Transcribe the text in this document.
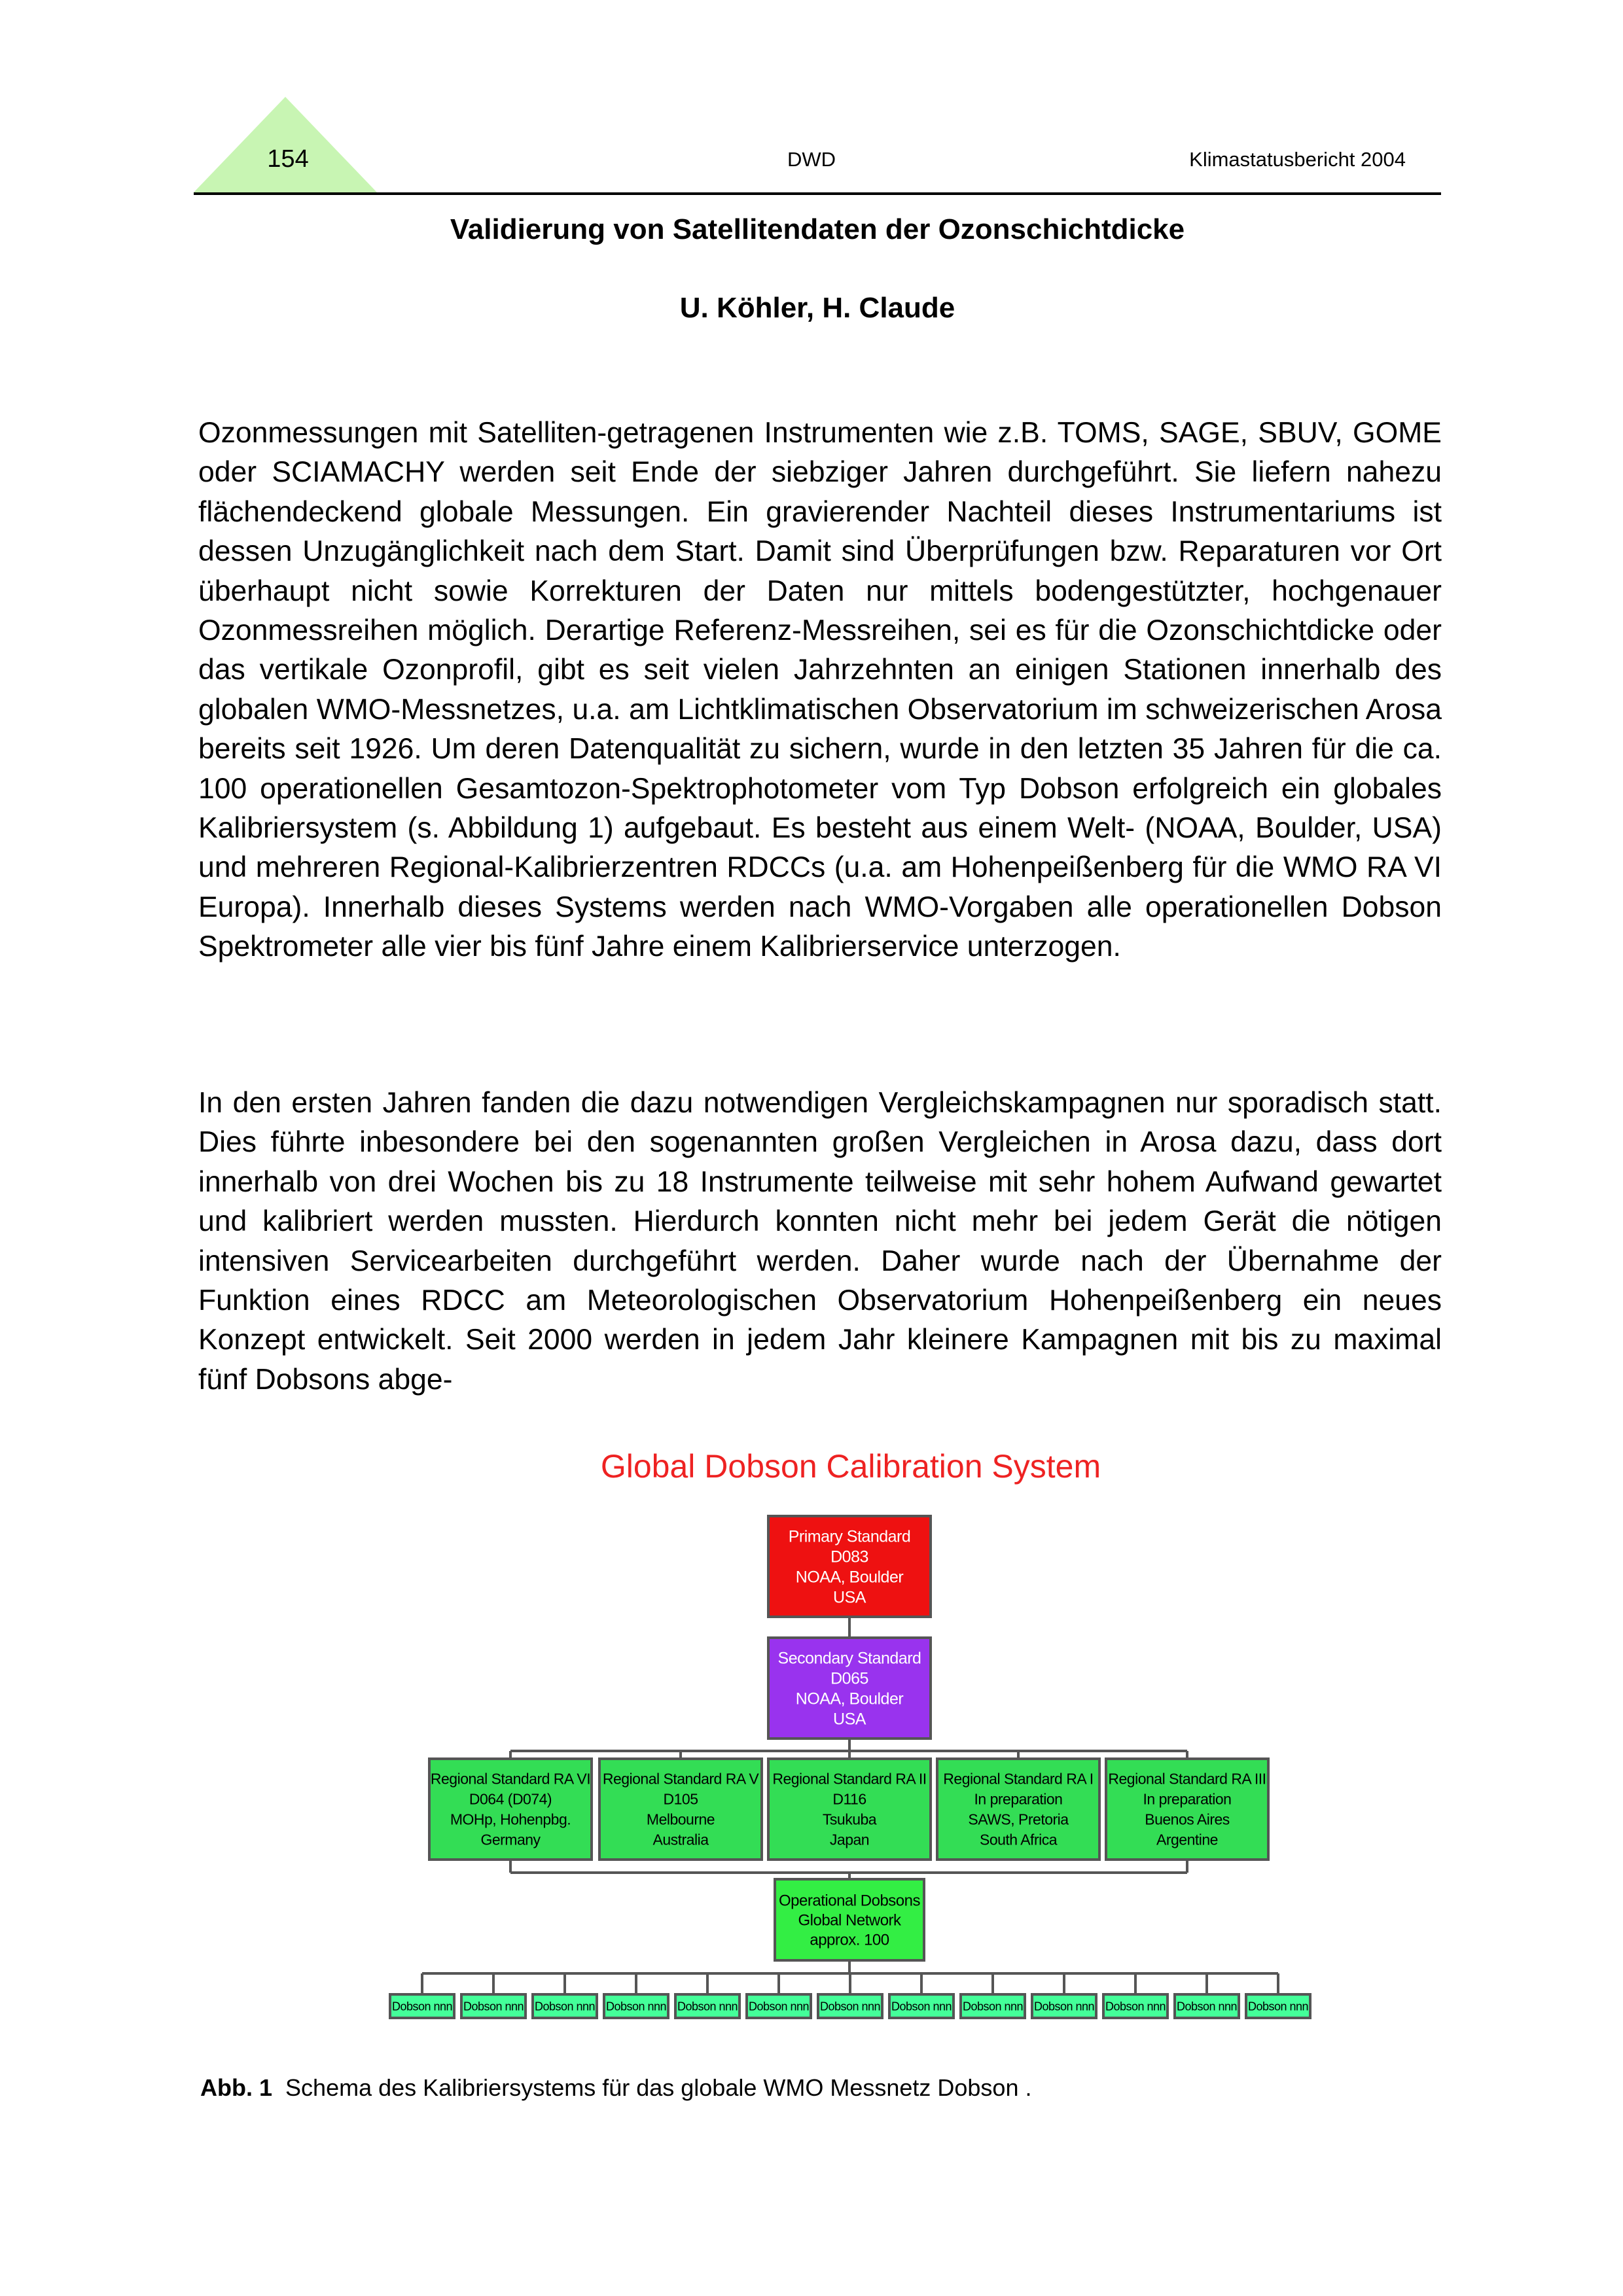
154	DWD	Klimastatusbericht 2004
Validierung von Satellitendaten der Ozonschichtdicke
U. Köhler, H. Claude

Ozonmessungen mit Satelliten-getragenen Instrumenten wie z.B. TOMS, SAGE, SBUV, GOME oder SCIAMACHY werden seit Ende der siebziger Jahren durchgeführt. Sie liefern nahezu flächendeckend globale Messungen. Ein gravierender Nachteil dieses Instrumentariums ist dessen Unzugänglichkeit nach dem Start. Damit sind Überprüfungen bzw. Reparaturen vor Ort überhaupt nicht sowie Korrekturen der Daten nur mittels bodengestützter, hochgenauer Ozonmessreihen möglich. Derartige Referenz-Messreihen, sei es für die Ozonschichtdicke oder das vertikale Ozonprofil, gibt es seit vielen Jahrzehnten an einigen Stationen innerhalb des globalen WMO-Messnetzes, u.a. am Lichtklimatischen Observatorium im schweizerischen Arosa bereits seit 1926. Um deren Datenqualität zu sichern, wurde in den letzten 35 Jahren für die ca. 100 operationellen Gesamtozon-Spektrophotometer vom Typ Dobson erfolgreich ein globales Kalibriersystem (s. Abbildung 1) aufgebaut. Es besteht aus einem Welt- (NOAA, Boulder, USA) und mehreren Regional-Kalibrierzentren RDCCs (u.a. am Hohenpeißenberg für die WMO RA VI Europa). Innerhalb dieses Systems werden nach WMO-Vorgaben alle operationellen Dobson Spektrometer alle vier bis fünf Jahre einem Kalibrierservice unterzogen.

In den ersten Jahren fanden die dazu notwendigen Vergleichskampagnen nur sporadisch statt. Dies führte inbesondere bei den sogenannten großen Vergleichen in Arosa dazu, dass dort innerhalb von drei Wochen bis zu 18 Instrumente teilweise mit sehr hohem Aufwand gewartet und kalibriert werden mussten. Hierdurch konnten nicht mehr bei jedem Gerät die nötigen intensiven Servicearbeiten durchgeführt werden. Daher wurde nach der Übernahme der Funktion eines RDCC am Meteorologischen Observatorium Hohenpeißenberg ein neues Konzept entwickelt. Seit 2000 werden in jedem Jahr kleinere Kampagnen mit bis zu maximal fünf Dobsons abge-

Global Dobson Calibration System
Primary Standard
D083
NOAA, Boulder
USA
Secondary Standard
D065
NOAA, Boulder
USA
Regional Standard RA VI
D064 (D074)
MOHp, Hohenpbg.
Germany
Regional Standard RA V
D105
Melbourne
Australia
Regional Standard RA II
D116
Tsukuba
Japan
Regional Standard RA I
In preparation
SAWS, Pretoria
South Africa
Regional Standard RA III
In preparation
Buenos Aires
Argentine
Operational Dobsons
Global Network
approx. 100
Dobson nnn Dobson nnn Dobson nnn Dobson nnn Dobson nnn Dobson nnn Dobson nnn Dobson nnn Dobson nnn Dobson nnn Dobson nnn Dobson nnn Dobson nnn
Abb. 1 Schema des Kalibriersystems für das globale WMO Messnetz Dobson .
